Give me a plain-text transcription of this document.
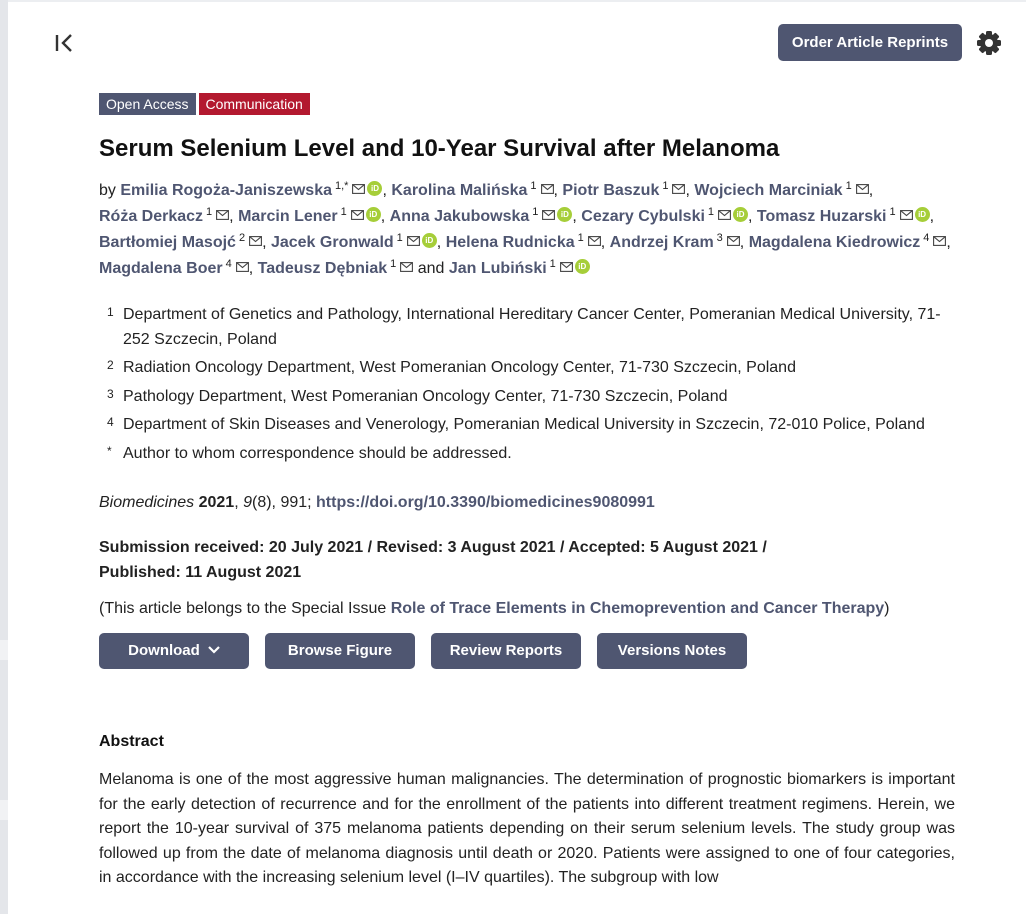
Order Article Reprints
Open Access Communication
Serum Selenium Level and 10-Year Survival after Melanoma
by Emilia Rogoża-Janiszewska $^{1,*}$	iD , Karolina Malińska $^1$ , Piotr Baszuk $^1$ , Wojciech Marciniak $^1$ , Róża Derkacz $^1$ , Marcin Lener $^1$	iD , Anna Jakubowska $^1$	iD , Cezary Cybulski $^1$	iD , Tomasz Huzarski $^1$	iD , Bartłomiej Masojć $^2$ , Jacek Gronwald $^1$	iD , Helena Rudnicka $^1$ , Andrzej Kram $^3$ , Magdalena Kiedrowicz $^4$ , Magdalena Boer $^4$ , Tadeusz Dębniak $^1$ and Jan Lubiński $^1$	iD
1 Department of Genetics and Pathology, International Hereditary Cancer Center, Pomeranian Medical University, 71-252 Szczecin, Poland
2 Radiation Oncology Department, West Pomeranian Oncology Center, 71-730 Szczecin, Poland
3 Pathology Department, West Pomeranian Oncology Center, 71-730 Szczecin, Poland
4 Department of Skin Diseases and Venerology, Pomeranian Medical University in Szczecin, 72-010 Police, Poland
* Author to whom correspondence should be addressed.
Biomedicines 2021, 9(8), 991; https://doi.org/10.3390/biomedicines9080991
Submission received: 20 July 2021 / Revised: 3 August 2021 / Accepted: 5 August 2021 /
Published: 11 August 2021
(This article belongs to the Special Issue Role of Trace Elements in Chemoprevention and Cancer Therapy)
Download	Browse Figure	Review Reports	Versions Notes
Abstract
Melanoma is one of the most aggressive human malignancies. The determination of prognostic biomarkers is important for the early detection of recurrence and for the enrollment of the patients into different treatment regimens. Herein, we report the 10-year survival of 375 melanoma patients depending on their serum selenium levels. The study group was followed up from the date of melanoma diagnosis until death or 2020. Patients were assigned to one of four categories, in accordance with the increasing selenium level (I–IV quartiles). The subgroup with low
